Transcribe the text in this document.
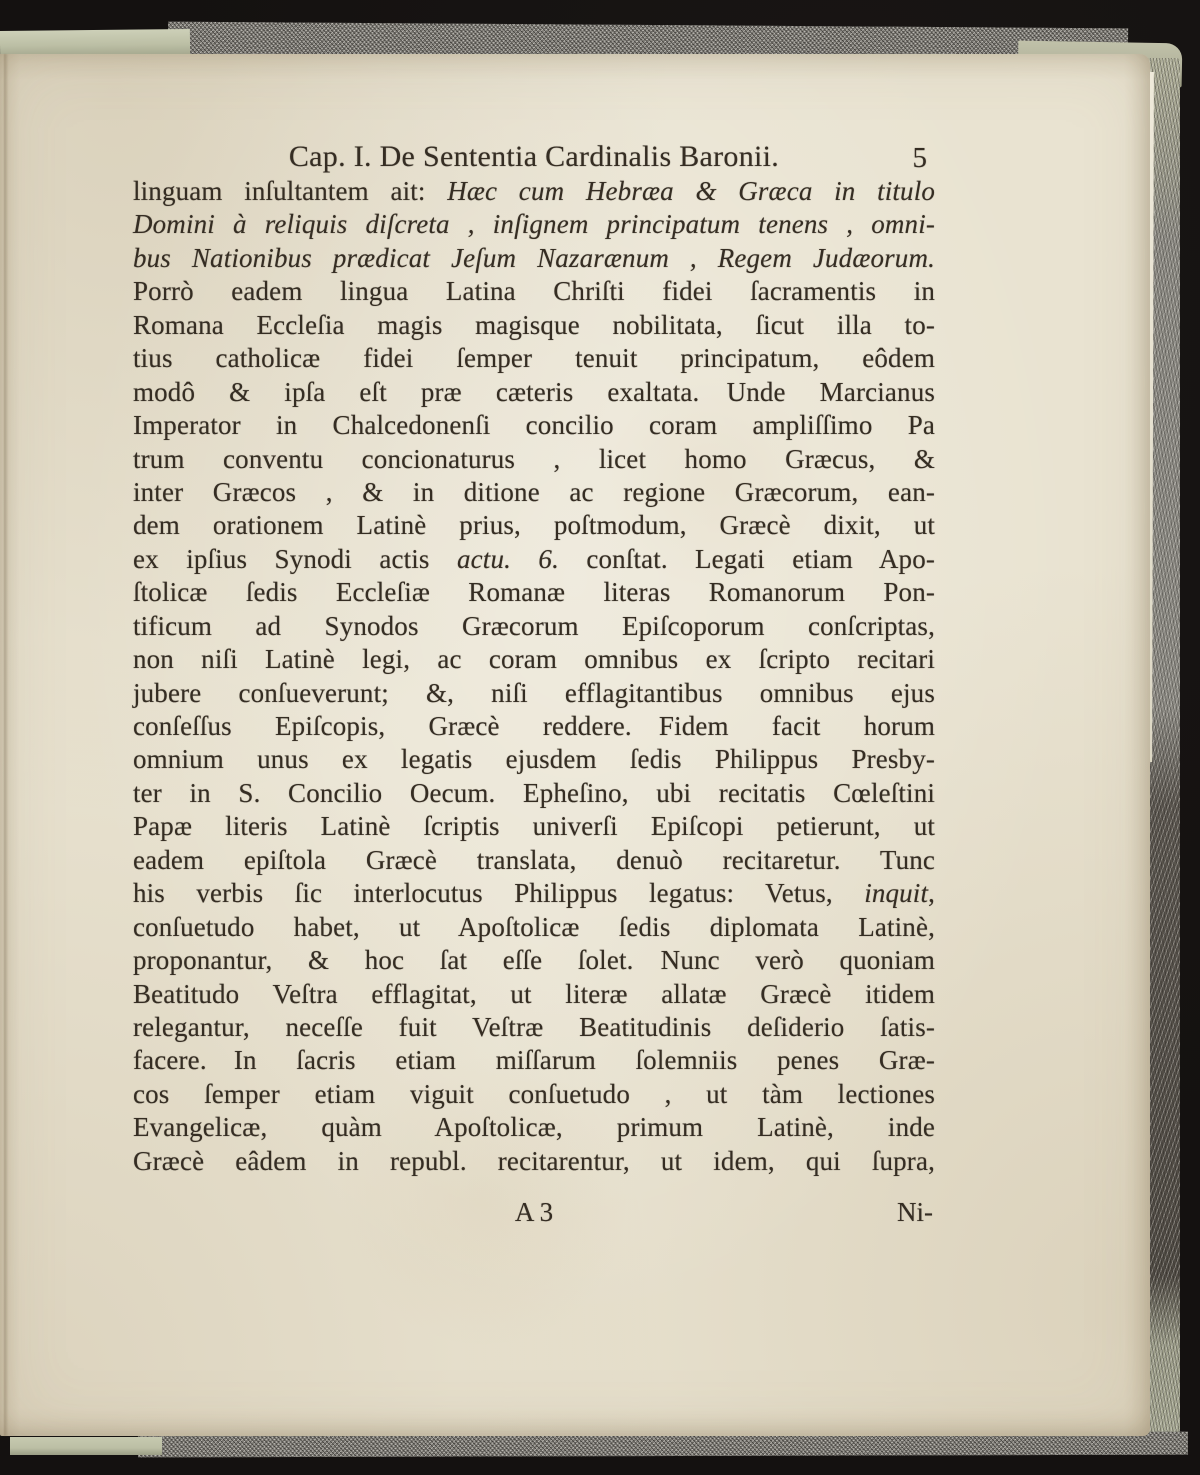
Cap. I. De Sententia Cardinalis Baronii.	5
linguam inſultantem ait: Hæc cum Hebræa & Græca in titulo
Domini à reliquis diſcreta , inſignem principatum tenens , omni-
bus Nationibus prædicat Jeſum Nazarænum , Regem Judæorum.
Porrò eadem lingua Latina Chriſti fidei ſacramentis in
Romana Eccleſia magis magisque nobilitata, ſicut illa to-
tius catholicæ fidei ſemper tenuit principatum, eôdem
modô & ipſa eſt præ cæteris exaltata. Unde Marcianus
Imperator in Chalcedonenſi concilio coram ampliſſimo Pa
trum conventu concionaturus , licet homo Græcus, &
inter Græcos , & in ditione ac regione Græcorum, ean-
dem orationem Latinè prius, poſtmodum, Græcè dixit, ut
ex ipſius Synodi actis actu. 6. conſtat. Legati etiam Apo-
ſtolicæ ſedis Eccleſiæ Romanæ literas Romanorum Pon-
tificum ad Synodos Græcorum Epiſcoporum conſcriptas,
non niſi Latinè legi, ac coram omnibus ex ſcripto recitari
jubere conſueverunt; &, niſi efflagitantibus omnibus ejus
conſeſſus Epiſcopis, Græcè reddere. Fidem facit horum
omnium unus ex legatis ejusdem ſedis Philippus Presby-
ter in S. Concilio Oecum. Epheſino, ubi recitatis Cœleſtini
Papæ literis Latinè ſcriptis univerſi Epiſcopi petierunt, ut
eadem epiſtola Græcè translata, denuò recitaretur. Tunc
his verbis ſic interlocutus Philippus legatus: Vetus, inquit,
conſuetudo habet, ut Apoſtolicæ ſedis diplomata Latinè,
proponantur, & hoc ſat eſſe ſolet. Nunc verò quoniam
Beatitudo Veſtra efflagitat, ut literæ allatæ Græcè itidem
relegantur, neceſſe fuit Veſtræ Beatitudinis deſiderio ſatis-
facere. In ſacris etiam miſſarum ſolemniis penes Græ-
cos ſemper etiam viguit conſuetudo , ut tàm lectiones
Evangelicæ, quàm Apoſtolicæ, primum Latinè, inde
Græcè eâdem in republ. recitarentur, ut idem, qui ſupra,
A 3	Ni-
